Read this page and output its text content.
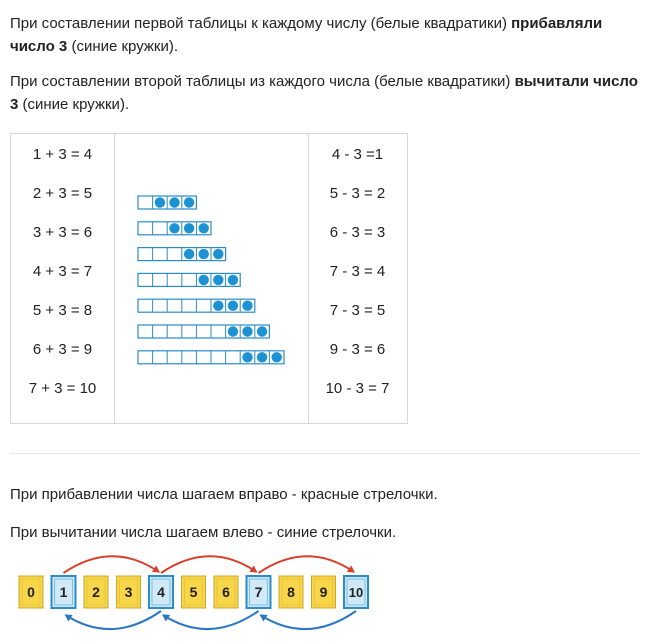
При составлении первой таблицы к каждому числу (белые квадратики) прибавляли число 3 (синие кружки).

При составлении второй таблицы из каждого числа (белые квадратики) вычитали число 3 (синие кружки).

1 + 3 = 4
2 + 3 = 5
3 + 3 = 6
4 + 3 = 7
5 + 3 = 8
6 + 3 = 9
7 + 3 = 10
4 - 3 =1
5 - 3 = 2
6 - 3 = 3
7 - 3 = 4
7 - 3 = 5
9 - 3 = 6
10 - 3 = 7

При прибавлении числа шагаем вправо - красные стрелочки.

При вычитании числа шагаем влево - синие стрелочки.

0 1 2 3 4 5 6 7 8 9 10
